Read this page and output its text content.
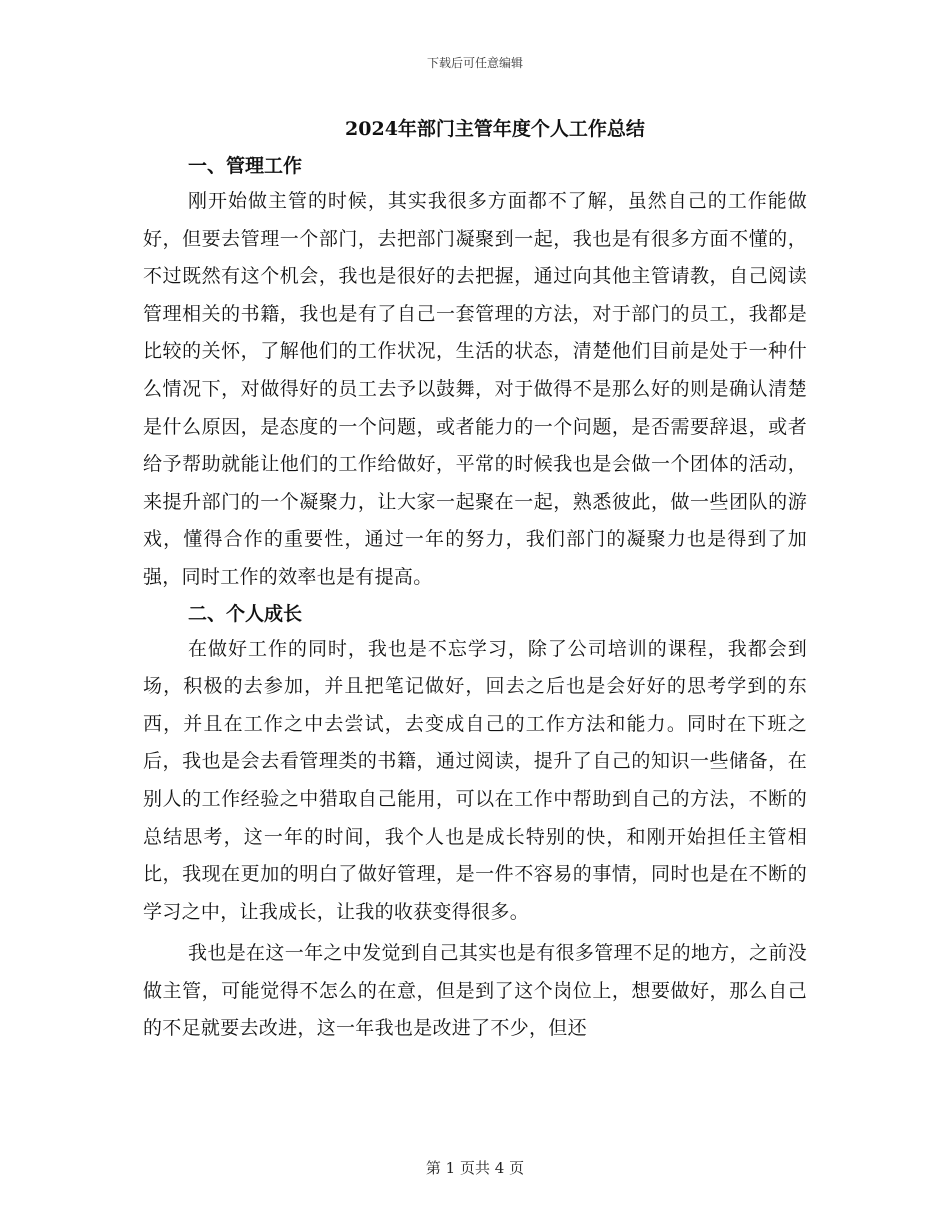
下载后可任意编辑
2024年部门主管年度个人工作总结
一、管理工作

刚开始做主管的时候，其实我很多方面都不了解，虽然自己的工作能做好，但要去管理一个部门，去把部门凝聚到一起，我也是有很多方面不懂的，不过既然有这个机会，我也是很好的去把握，通过向其他主管请教，自己阅读管理相关的书籍，我也是有了自己一套管理的方法，对于部门的员工，我都是比较的关怀，了解他们的工作状况，生活的状态，清楚他们目前是处于一种什么情况下，对做得好的员工去予以鼓舞，对于做得不是那么好的则是确认清楚是什么原因，是态度的一个问题，或者能力的一个问题，是否需要辞退，或者给予帮助就能让他们的工作给做好，平常的时候我也是会做一个团体的活动，来提升部门的一个凝聚力，让大家一起聚在一起，熟悉彼此，做一些团队的游戏，懂得合作的重要性，通过一年的努力，我们部门的凝聚力也是得到了加强，同时工作的效率也是有提高。

二、个人成长

在做好工作的同时，我也是不忘学习，除了公司培训的课程，我都会到场，积极的去参加，并且把笔记做好，回去之后也是会好好的思考学到的东西，并且在工作之中去尝试，去变成自己的工作方法和能力。同时在下班之后，我也是会去看管理类的书籍，通过阅读，提升了自己的知识一些储备，在别人的工作经验之中猎取自己能用，可以在工作中帮助到自己的方法，不断的总结思考，这一年的时间，我个人也是成长特别的快，和刚开始担任主管相比，我现在更加的明白了做好管理，是一件不容易的事情，同时也是在不断的学习之中，让我成长，让我的收获变得很多。

我也是在这一年之中发觉到自己其实也是有很多管理不足的地方，之前没做主管，可能觉得不怎么的在意，但是到了这个岗位上，想要做好，那么自己的不足就要去改进，这一年我也是改进了不少，但还

第 1 页共 4 页
